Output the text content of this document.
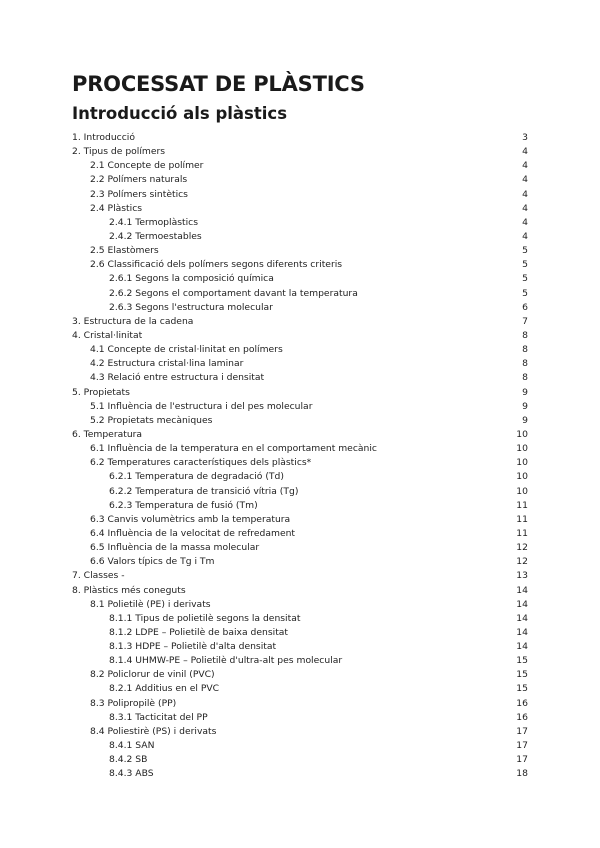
PROCESSAT DE PLÀSTICS
Introducció als plàstics
1. Introducció	3
2. Tipus de polímers	4
2.1 Concepte de polímer	4
2.2 Polímers naturals	4
2.3 Polímers sintètics	4
2.4 Plàstics	4
2.4.1 Termoplàstics	4
2.4.2 Termoestables	4
2.5 Elastòmers	5
2.6 Classificació dels polímers segons diferents criteris	5
2.6.1 Segons la composició química	5
2.6.2 Segons el comportament davant la temperatura	5
2.6.3 Segons l'estructura molecular	6
3. Estructura de la cadena	7
4. Cristal·linitat	8
4.1 Concepte de cristal·linitat en polímers	8
4.2 Estructura cristal·lina laminar	8
4.3 Relació entre estructura i densitat	8
5. Propietats	9
5.1 Influència de l'estructura i del pes molecular	9
5.2 Propietats mecàniques	9
6. Temperatura	10
6.1 Influència de la temperatura en el comportament mecànic	10
6.2 Temperatures característiques dels plàstics*	10
6.2.1 Temperatura de degradació (Td)	10
6.2.2 Temperatura de transició vítria (Tg)	10
6.2.3 Temperatura de fusió (Tm)	11
6.3 Canvis volumètrics amb la temperatura	11
6.4 Influència de la velocitat de refredament	11
6.5 Influència de la massa molecular	12
6.6 Valors típics de Tg i Tm	12
7. Classes -	13
8. Plàstics més coneguts	14
8.1 Polietilè (PE) i derivats	14
8.1.1 Tipus de polietilè segons la densitat	14
8.1.2 LDPE – Polietilè de baixa densitat	14
8.1.3 HDPE – Polietilè d'alta densitat	14
8.1.4 UHMW-PE – Polietilè d'ultra-alt pes molecular	15
8.2 Policlorur de vinil (PVC)	15
8.2.1 Additius en el PVC	15
8.3 Polipropilè (PP)	16
8.3.1 Tacticitat del PP	16
8.4 Poliestirè (PS) i derivats	17
8.4.1 SAN	17
8.4.2 SB	17
8.4.3 ABS	18
